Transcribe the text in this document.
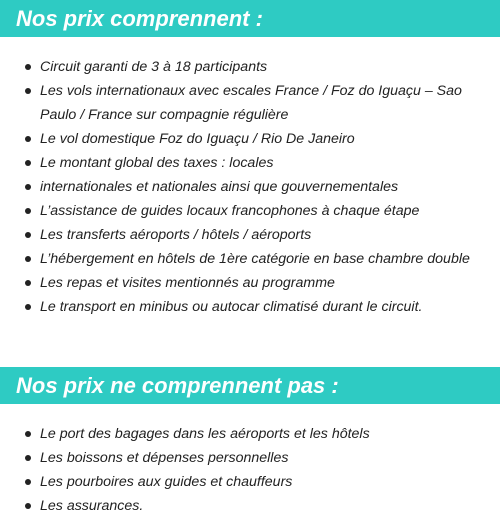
Nos prix comprennent :
Circuit garanti de 3 à 18 participants
Les vols internationaux avec escales France / Foz do Iguaçu – Sao Paulo / France sur compagnie régulière
Le vol domestique Foz do Iguaçu / Rio De Janeiro
Le montant global des taxes : locales
internationales et nationales ainsi que gouvernementales
L’assistance de guides locaux francophones à chaque étape
Les transferts aéroports / hôtels / aéroports
L’hébergement en hôtels de 1ère catégorie en base chambre double
Les repas et visites mentionnés au programme
Le transport en minibus ou autocar climatisé durant le circuit.
Nos prix ne comprennent pas :
Le port des bagages dans les aéroports et les hôtels
Les boissons et dépenses personnelles
Les pourboires aux guides et chauffeurs
Les assurances.
